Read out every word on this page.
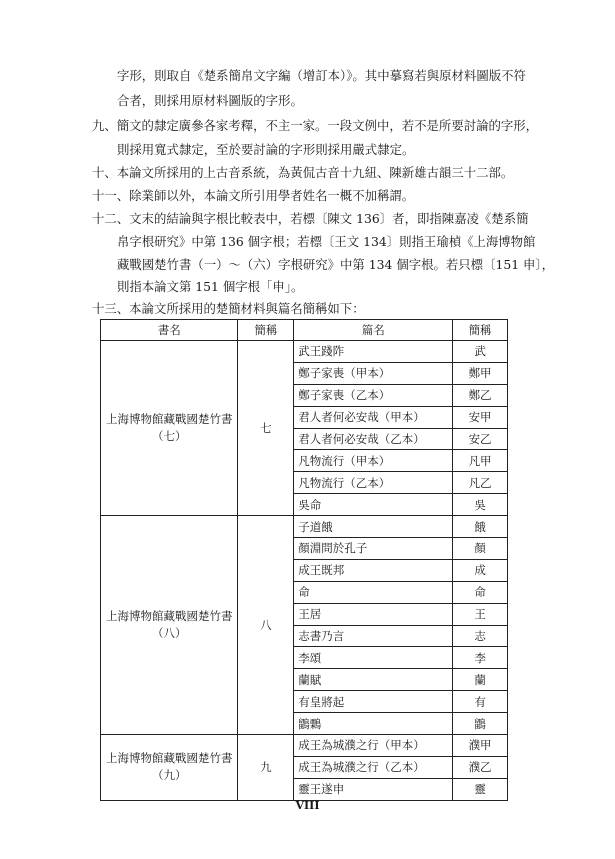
字形，則取自《楚系簡帛文字編（增訂本）》。其中摹寫若與原材料圖版不符
合者，則採用原材料圖版的字形。
九、簡文的隸定廣參各家考釋，不主一家。一段文例中，若不是所要討論的字形，
則採用寬式隸定，至於要討論的字形則採用嚴式隸定。
十、本論文所採用的上古音系統，為黃侃古音十九紐、陳新雄古韻三十二部。
十一、除業師以外，本論文所引用學者姓名一概不加稱謂。
十二、文末的結論與字根比較表中，若標〔陳文 136〕者，即指陳嘉凌《楚系簡
帛字根研究》中第 136 個字根；若標〔王文 134〕則指王瑜楨《上海博物館
藏戰國楚竹書（一）～（六）字根研究》中第 134 個字根。若只標〔151 申〕，
則指本論文第 151 個字根「申」。
十三、本論文所採用的楚簡材料與篇名簡稱如下：
書名	簡稱	篇名	簡稱
上海博物館藏戰國楚竹書（七）	七	武王踐阼	武
		鄭子家喪（甲本）	鄭甲
		鄭子家喪（乙本）	鄭乙
		君人者何必安哉（甲本）	安甲
		君人者何必安哉（乙本）	安乙
		凡物流行（甲本）	凡甲
		凡物流行（乙本）	凡乙
		吳命	吳
上海博物館藏戰國楚竹書（八）	八	子道餓	餓
		顏淵問於孔子	顏
		成王既邦	成
		命	命
		王居	王
		志書乃言	志
		李頌	李
		蘭賦	蘭
		有皇將起	有
		鶹鷅	鶹
上海博物館藏戰國楚竹書（九）	九	成王為城濮之行（甲本）	濮甲
		成王為城濮之行（乙本）	濮乙
		靈王遂申	靈
VIII
